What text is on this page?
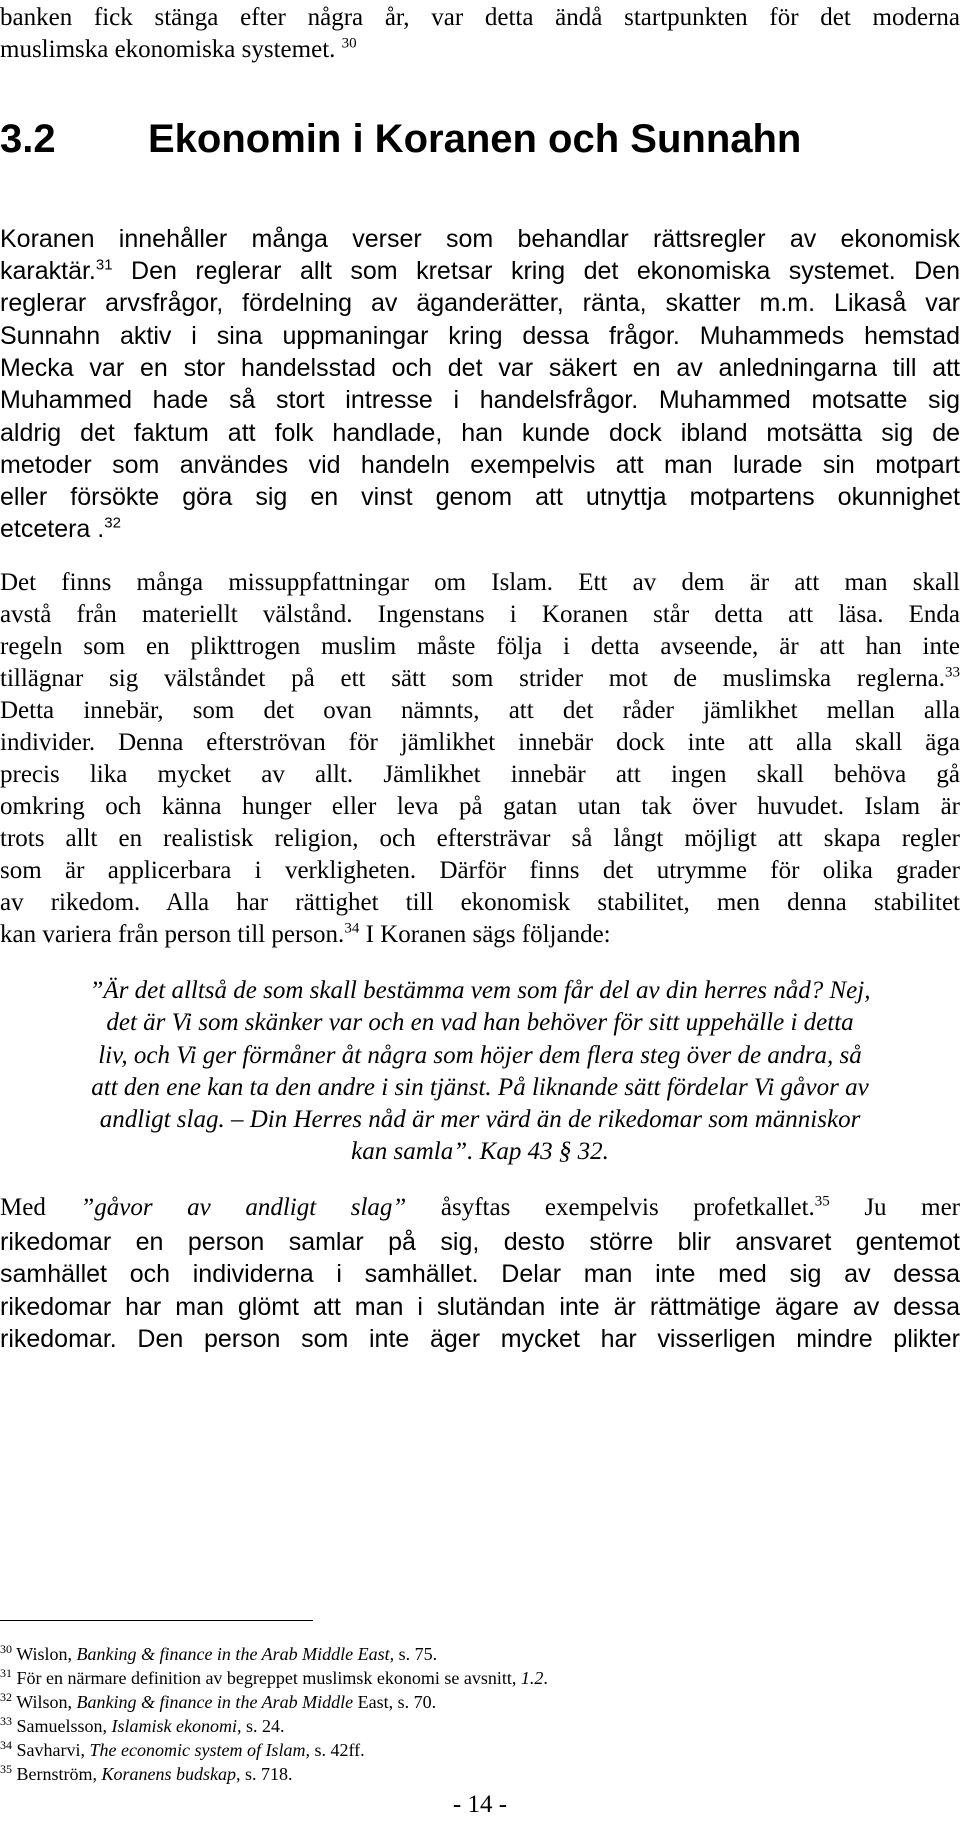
banken fick stänga efter några år, var detta ändå startpunkten för det moderna
muslimska ekonomiska systemet. $^{30}$
3.2 Ekonomin i Koranen och Sunnahn
Koranen innehåller många verser som behandlar rättsregler av ekonomisk
karaktär.$^{31}$ Den reglerar allt som kretsar kring det ekonomiska systemet. Den
reglerar arvsfrågor, fördelning av äganderätter, ränta, skatter m.m. Likaså var
Sunnahn aktiv i sina uppmaningar kring dessa frågor. Muhammeds hemstad
Mecka var en stor handelsstad och det var säkert en av anledningarna till att
Muhammed hade så stort intresse i handelsfrågor. Muhammed motsatte sig
aldrig det faktum att folk handlade, han kunde dock ibland motsätta sig de
metoder som användes vid handeln exempelvis att man lurade sin motpart
eller försökte göra sig en vinst genom att utnyttja motpartens okunnighet
etcetera .$^{32}$
Det finns många missuppfattningar om Islam. Ett av dem är att man skall
avstå från materiellt välstånd. Ingenstans i Koranen står detta att läsa. Enda
regeln som en plikttrogen muslim måste följa i detta avseende, är att han inte
tillägnar sig välståndet på ett sätt som strider mot de muslimska reglerna.$^{33}$
Detta innebär, som det ovan nämnts, att det råder jämlikhet mellan alla
individer. Denna efterströvan för jämlikhet innebär dock inte att alla skall äga
precis lika mycket av allt. Jämlikhet innebär att ingen skall behöva gå
omkring och känna hunger eller leva på gatan utan tak över huvudet. Islam är
trots allt en realistisk religion, och eftersträvar så långt möjligt att skapa regler
som är applicerbara i verkligheten. Därför finns det utrymme för olika grader
av rikedom. Alla har rättighet till ekonomisk stabilitet, men denna stabilitet
kan variera från person till person.$^{34}$ I Koranen sägs följande:
”Är det alltså de som skall bestämma vem som får del av din herres nåd? Nej,
det är Vi som skänker var och en vad han behöver för sitt uppehälle i detta
liv, och Vi ger förmåner åt några som höjer dem flera steg över de andra, så
att den ene kan ta den andre i sin tjänst. På liknande sätt fördelar Vi gåvor av
andligt slag. – Din Herres nåd är mer värd än de rikedomar som människor
kan samla”. Kap 43 § 32.
Med ”gåvor av andligt slag” åsyftas exempelvis profetkallet.$^{35}$ Ju mer
rikedomar en person samlar på sig, desto större blir ansvaret gentemot
samhället och individerna i samhället. Delar man inte med sig av dessa
rikedomar har man glömt att man i slutändan inte är rättmätige ägare av dessa
rikedomar. Den person som inte äger mycket har visserligen mindre plikter
$^{30}$ Wislon, Banking & finance in the Arab Middle East, s. 75.
$^{31}$ För en närmare definition av begreppet muslimsk ekonomi se avsnitt, 1.2.
$^{32}$ Wilson, Banking & finance in the Arab Middle East, s. 70.
$^{33}$ Samuelsson, Islamisk ekonomi, s. 24.
$^{34}$ Savharvi, The economic system of Islam, s. 42ff.
$^{35}$ Bernström, Koranens budskap, s. 718.
- 14 -
